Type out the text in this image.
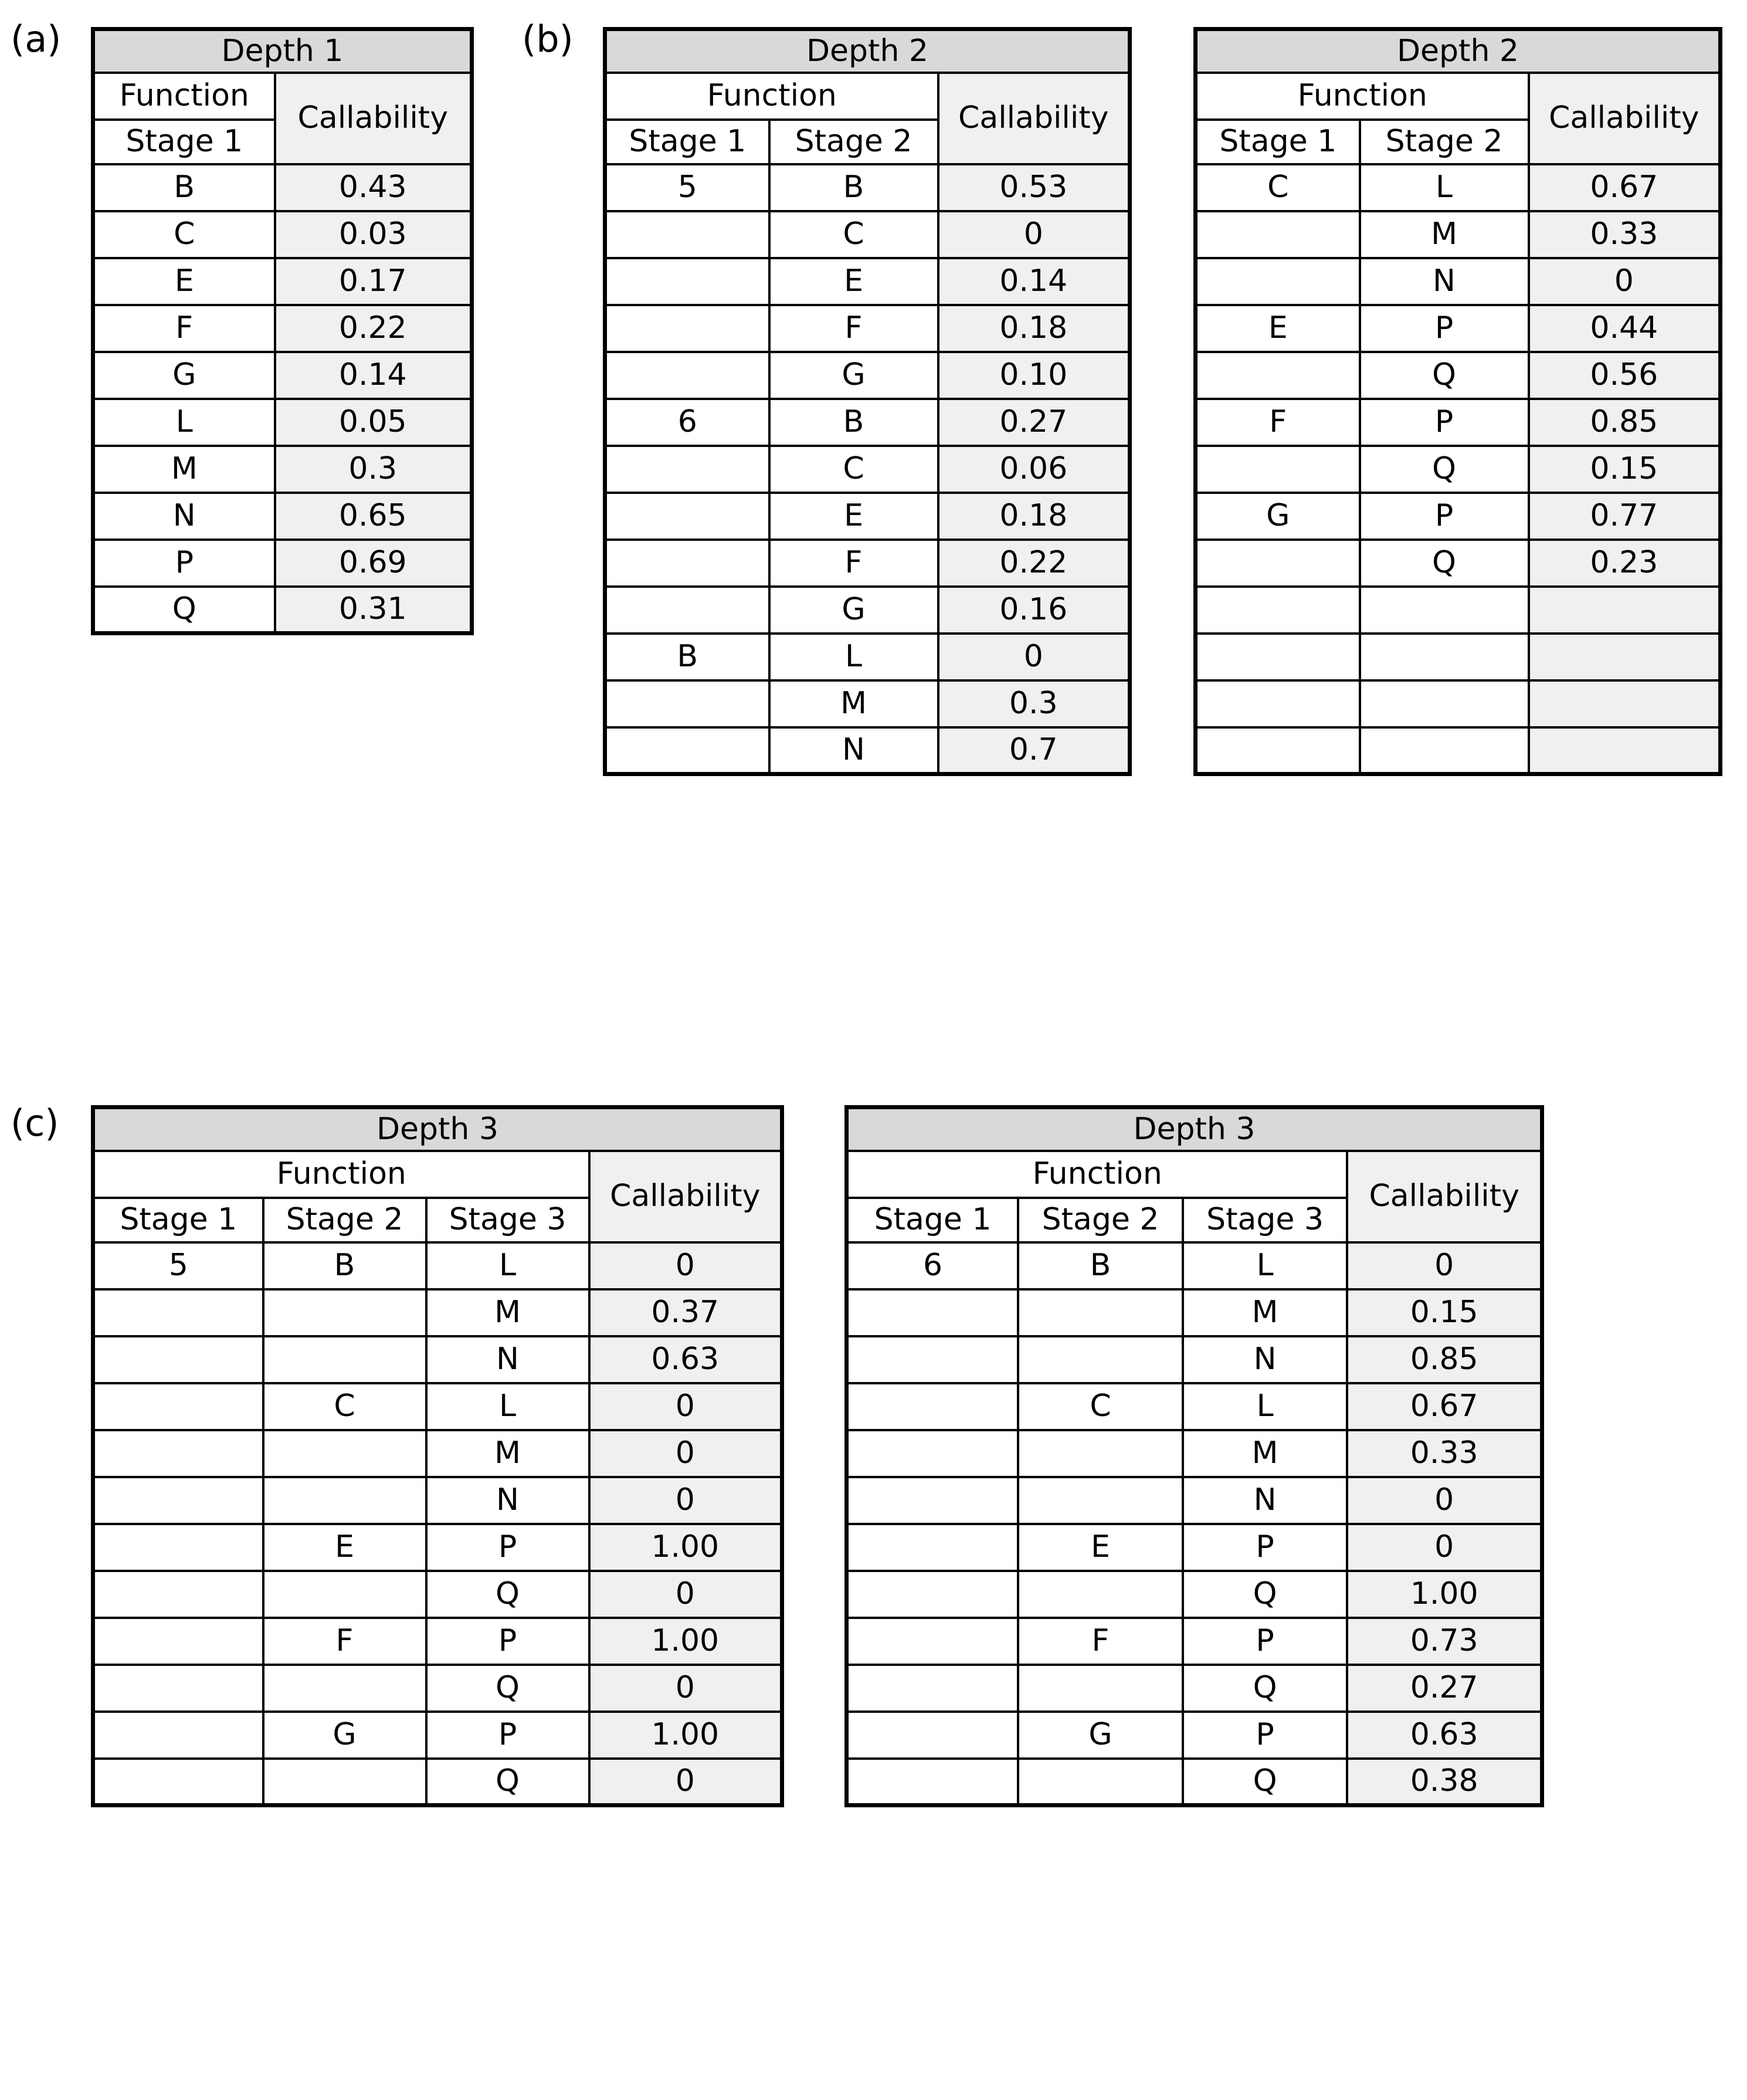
(a)	(b)
(c)
Depth 1	
Function	Callability
Stage 1	
B	0.43
C	0.03
E	0.17
F	0.22
G	0.14
L	0.05
M	0.3
N	0.65
P	0.69
Q	0.31
Depth 2		
Function		Callability
Stage 1	Stage 2	
5	B	0.53
	C	0
	E	0.14
	F	0.18
	G	0.10
6	B	0.27
	C	0.06
	E	0.18
	F	0.22
	G	0.16
B	L	0
	M	0.3
	N	0.7
Depth 2		
Function		Callability
Stage 1	Stage 2	
C	L	0.67
	M	0.33
	N	0
E	P	0.44
	Q	0.56
F	P	0.85
	Q	0.15
G	P	0.77
	Q	0.23

Depth 3			
Function			Callability
Stage 1	Stage 2	Stage 3	
5	B	L	0
		M	0.37
		N	0.63
	C	L	0
		M	0
		N	0
	E	P	1.00
		Q	0
	F	P	1.00
		Q	0
	G	P	1.00
		Q	0
Depth 3			
Function			Callability
Stage 1	Stage 2	Stage 3	
6	B	L	0
		M	0.15
		N	0.85
	C	L	0.67
		M	0.33
		N	0
	E	P	0
		Q	1.00
	F	P	0.73
		Q	0.27
	G	P	0.63
		Q	0.38
